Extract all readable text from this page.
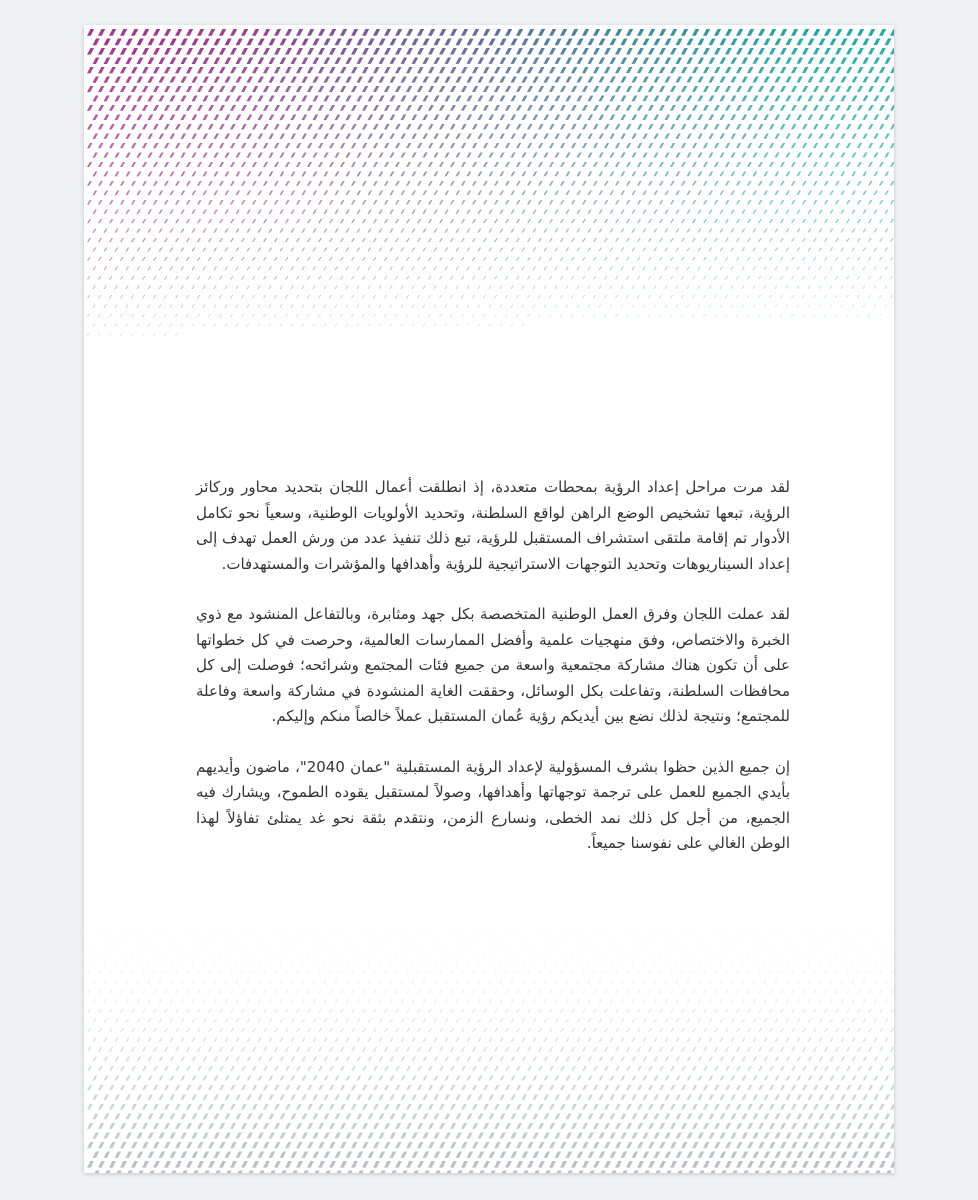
لقد مرت مراحل إعداد الرؤية بمحطات متعددة، إذ انطلقت أعمال اللجان بتحديد محاور وركائز الرؤية، تبعها تشخيص الوضع الراهن لواقع السلطنة، وتحديد الأولويات الوطنية، وسعياً نحو تكامل الأدوار تم إقامة ملتقى استشراف المستقبل للرؤية، تبع ذلك تنفيذ عدد من ورش العمل تهدف إلى إعداد السيناريوهات وتحديد التوجهات الاستراتيجية للرؤية وأهدافها والمؤشرات والمستهدفات.

لقد عملت اللجان وفرق العمل الوطنية المتخصصة بكل جهد ومثابرة، وبالتفاعل المنشود مع ذوي الخبرة والاختصاص، وفق منهجيات علمية وأفضل الممارسات العالمية، وحرصت في كل خطواتها على أن تكون هناك مشاركة مجتمعية واسعة من جميع فئات المجتمع وشرائحه؛ فوصلت إلى كل محافظات السلطنة، وتفاعلت بكل الوسائل، وحققت الغاية المنشودة في مشاركة واسعة وفاعلة للمجتمع؛ ونتيجة لذلك نضع بين أيديكم رؤية عُمان المستقبل عملاً خالصاً منكم وإليكم.

إن جميع الذين حظوا بشرف المسؤولية لإعداد الرؤية المستقبلية "عمان 2040"، ماضون وأيديهم بأيدي الجميع للعمل على ترجمة توجهاتها وأهدافها، وصولاً لمستقبل يقوده الطموح، ويشارك فيه الجميع، من أجل كل ذلك نمد الخطى، ونسارع الزمن، ونتقدم بثقة نحو غد يمتلئ تفاؤلاً لهذا الوطن الغالي على نفوسنا جميعاً.
